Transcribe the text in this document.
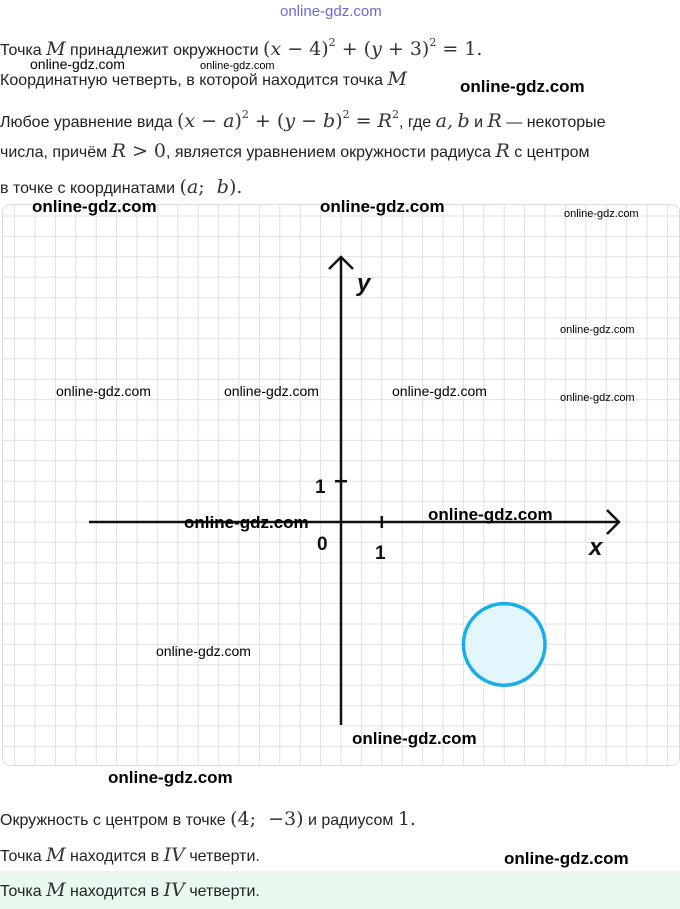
online-gdz.com
Точка M принадлежит окружности $(x - 4)^2 + (y + 3)^2 = 1$.
Координатную четверть, в которой находится точка M
Любое уравнение вида $(x - a)^2 + (y - b)^2 = R^2$, где a, b и R — некоторые
числа, причём R > 0, является уравнением окружности радиуса R с центром
в точке с координатами (a;  b).
y
x
0 1
1
Окружность с центром в точке (4;  −3) и радиусом 1.
Точка M находится в IV четверти.
Точка M находится в IV четверти.
online-gdz.com	online-gdz.com
online-gdz.com
online-gdz.com	online-gdz.com	online-gdz.com
online-gdz.com
online-gdz.com	online-gdz.com	online-gdz.com	online-gdz.com
online-gdz.com	online-gdz.com
online-gdz.com
online-gdz.com
online-gdz.com
online-gdz.com
